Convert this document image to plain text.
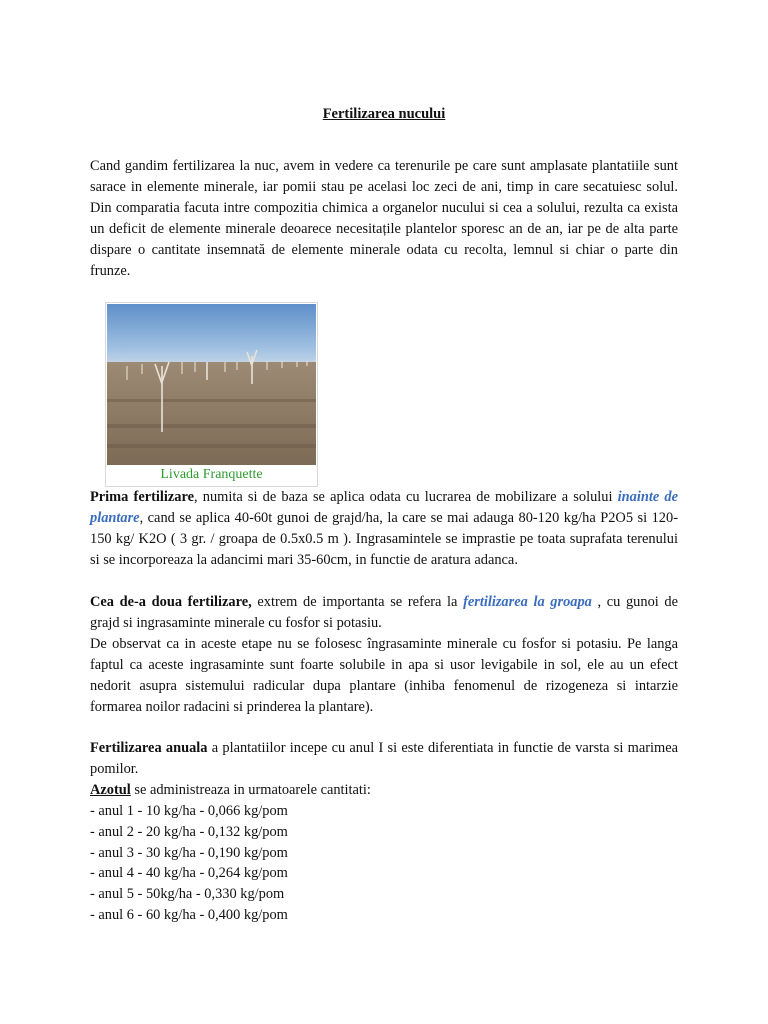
Fertilizarea nucului

Cand gandim fertilizarea la nuc, avem in vedere ca terenurile pe care sunt amplasate plantatiile sunt sarace in elemente minerale, iar pomii stau pe acelasi loc zeci de ani, timp in care secatuiesc solul. Din comparatia facuta intre compozitia chimica a organelor nucului si cea a solului, rezulta ca exista un deficit de elemente minerale deoarece necesitațile plantelor sporesc an de an, iar pe de alta parte dispare o cantitate insemnată de elemente minerale odata cu recolta, lemnul si chiar o parte din frunze.

Livada Franquette

Prima fertilizare, numita si de baza se aplica odata cu lucrarea de mobilizare a solului inainte de plantare, cand se aplica 40-60t gunoi de grajd/ha, la care se mai adauga 80-120 kg/ha P2O5 si 120-150 kg/ K2O ( 3 gr. / groapa de 0.5x0.5 m ). Ingrasamintele se imprastie pe toata suprafata terenului si se incorporeaza la adancimi mari 35-60cm, in functie de aratura adanca.

Cea de-a doua fertilizare, extrem de importanta se refera la fertilizarea la groapa , cu gunoi de grajd si ingrasaminte minerale cu fosfor si potasiu.
De observat ca in aceste etape nu se folosesc îngrasaminte minerale cu fosfor si potasiu. Pe langa faptul ca aceste ingrasaminte sunt foarte solubile in apa si usor levigabile in sol, ele au un efect nedorit asupra sistemului radicular dupa plantare (inhiba fenomenul de rizogeneza si intarzie formarea noilor radacini si prinderea la plantare).

Fertilizarea anuala a plantatiilor incepe cu anul I si este diferentiata in functie de varsta si marimea pomilor.
Azotul se administreaza in urmatoarele cantitati:
- anul 1 - 10 kg/ha - 0,066 kg/pom
- anul 2 - 20 kg/ha - 0,132 kg/pom
- anul 3 - 30 kg/ha - 0,190 kg/pom
- anul 4 - 40 kg/ha - 0,264 kg/pom
- anul 5 - 50kg/ha - 0,330 kg/pom
- anul 6 - 60 kg/ha - 0,400 kg/pom
